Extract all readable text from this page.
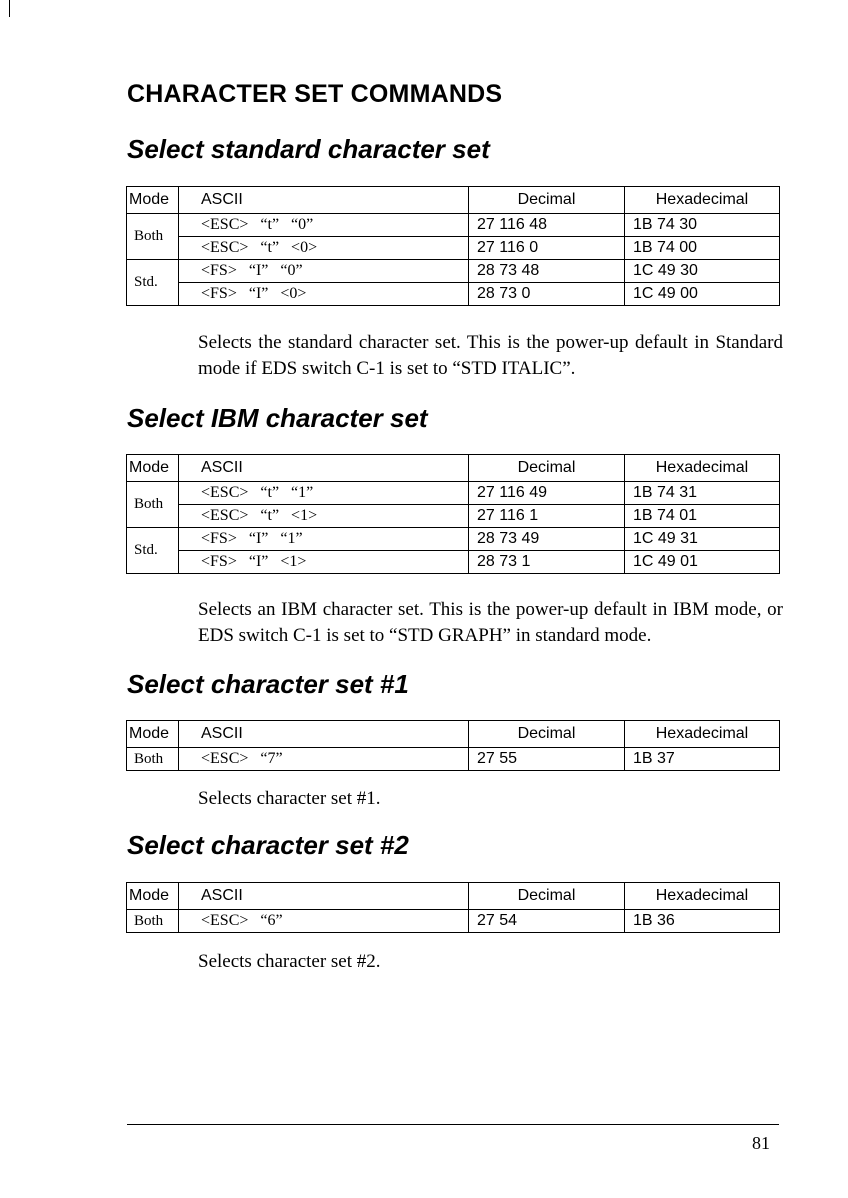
CHARACTER SET COMMANDS
Select standard character set
Mode	ASCII	Decimal	Hexadecimal
Both	<ESC> “t” “0”	27 116 48	1B 74 30
	<ESC> “t” <0>	27 116 0	1B 74 00
Std.	<FS> “I” “0”	28 73 48	1C 49 30
	<FS> “I” <0>	28 73 0	1C 49 00
Selects the standard character set. This is the power-up default in Standard mode if EDS switch C-1 is set to “STD ITALIC”.
Select IBM character set
Mode	ASCII	Decimal	Hexadecimal
Both	<ESC> “t” “1”	27 116 49	1B 74 31
	<ESC> “t” <1>	27 116 1	1B 74 01
Std.	<FS> “I” “1”	28 73 49	1C 49 31
	<FS> “I” <1>	28 73 1	1C 49 01
Selects an IBM character set. This is the power-up default in IBM mode, or EDS switch C-1 is set to “STD GRAPH” in standard mode.
Select character set #1
Mode	ASCII	Decimal	Hexadecimal
Both	<ESC> “7”	27 55	1B 37
Selects character set #1.
Select character set #2
Mode	ASCII	Decimal	Hexadecimal
Both	<ESC> “6”	27 54	1B 36
Selects character set #2.
81
